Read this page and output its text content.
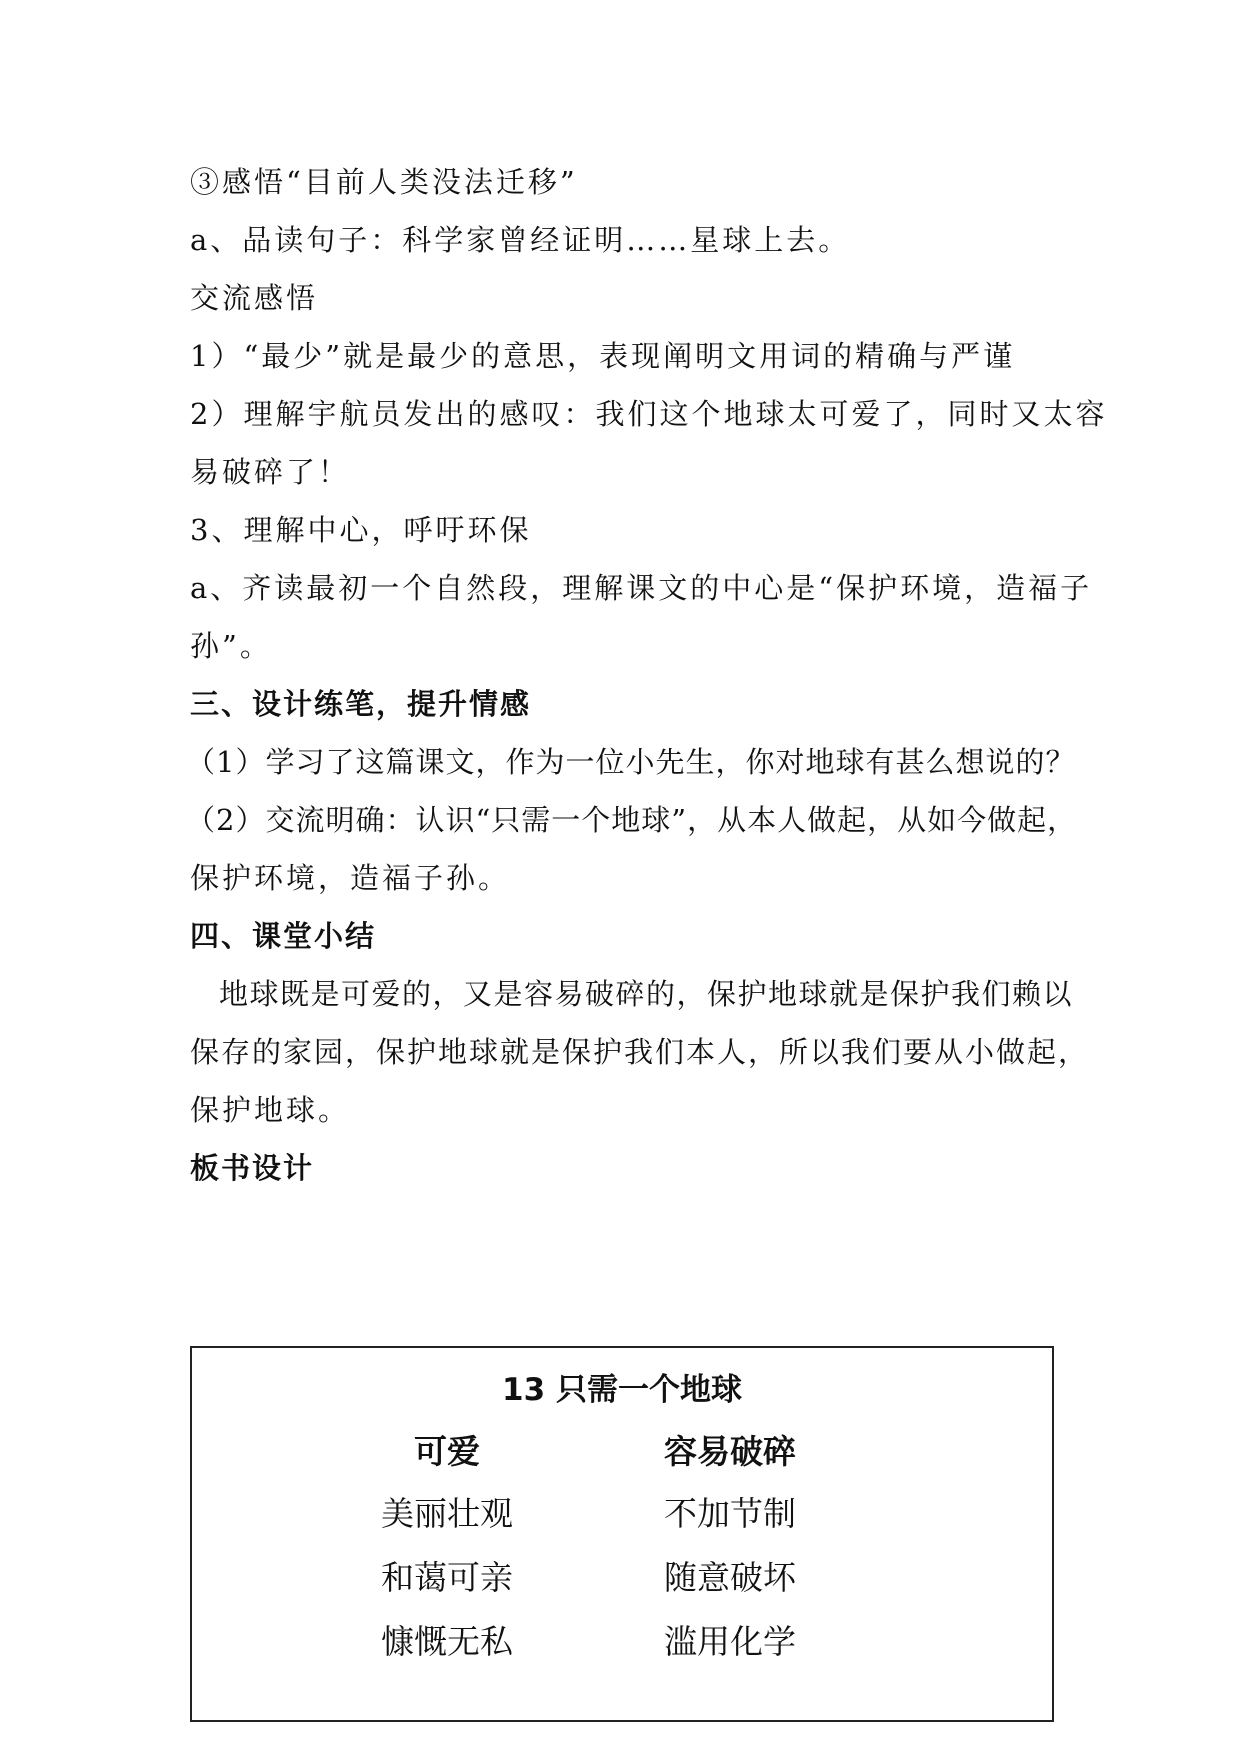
③感悟“目前人类没法迁移”
a、品读句子：科学家曾经证明……星球上去。
交流感悟
1）“最少”就是最少的意思，表现阐明文用词的精确与严谨
2）理解宇航员发出的感叹：我们这个地球太可爱了，同时又太容
易破碎了！
3、理解中心，呼吁环保
a、齐读最初一个自然段，理解课文的中心是“保护环境，造福子
孙”。
三、设计练笔，提升情感
（1）学习了这篇课文，作为一位小先生，你对地球有甚么想说的？
（2）交流明确：认识“只需一个地球”，从本人做起，从如今做起，
保护环境，造福子孙。
四、课堂小结
地球既是可爱的，又是容易破碎的，保护地球就是保护我们赖以
保存的家园，保护地球就是保护我们本人，所以我们要从小做起，
保护地球。
板书设计
13 只需一个地球
可爱	容易破碎
美丽壮观	不加节制
和蔼可亲	随意破坏
慷慨无私	滥用化学
